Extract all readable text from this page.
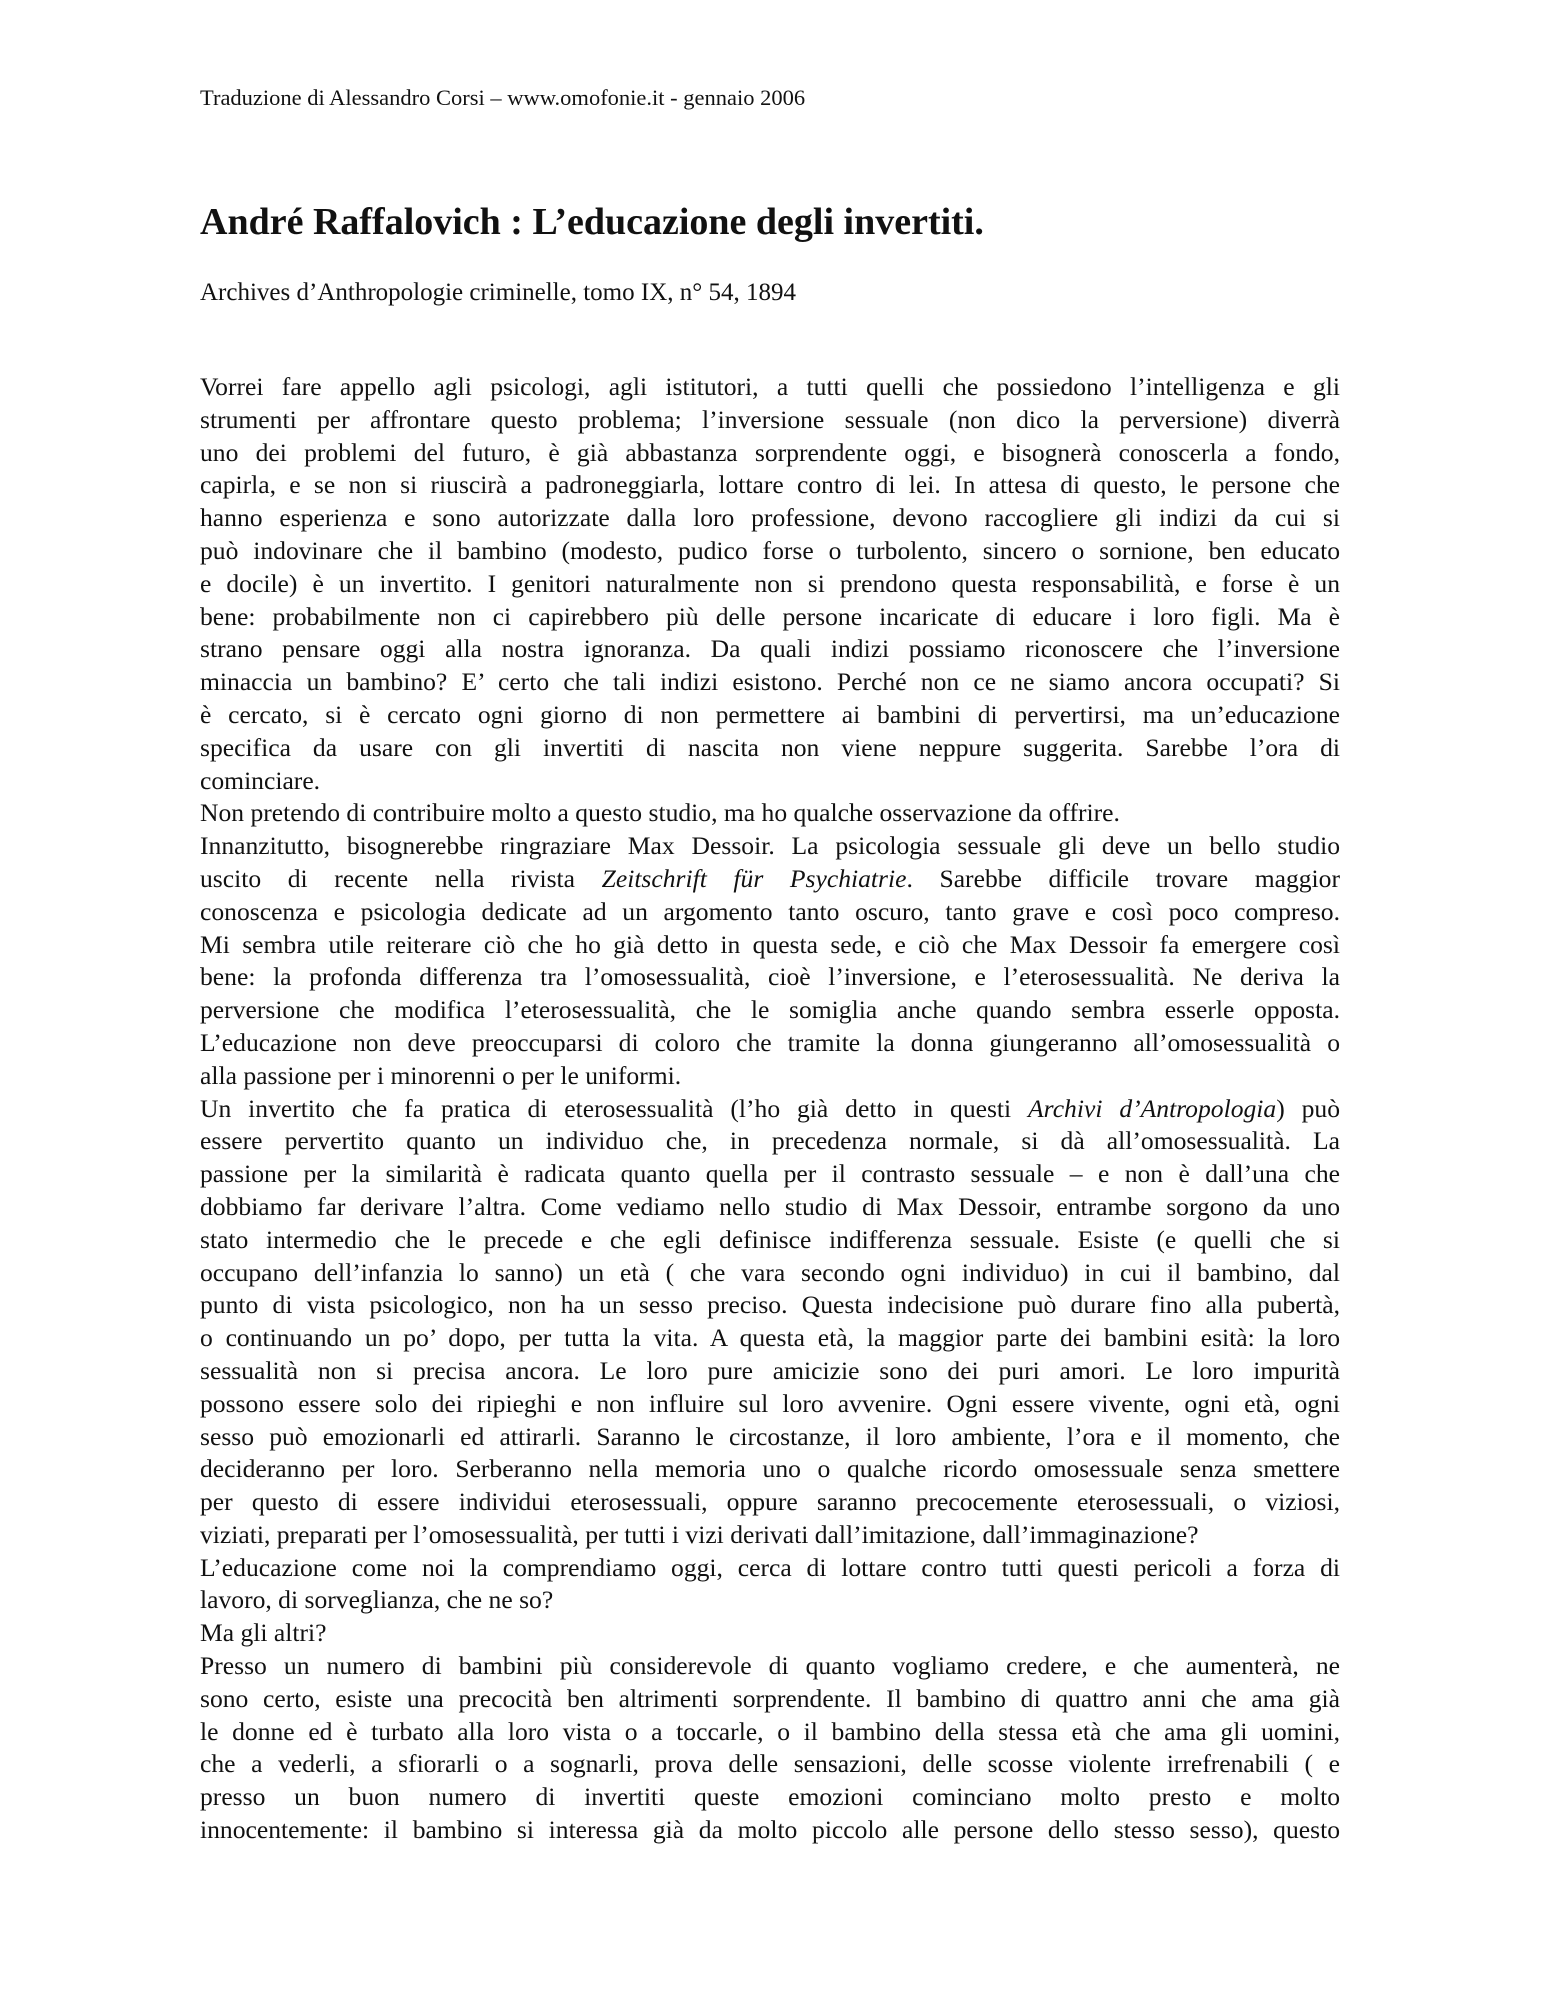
Traduzione di Alessandro Corsi – www.omofonie.it - gennaio 2006
André Raffalovich : L’educazione degli invertiti.
Archives d’Anthropologie criminelle, tomo IX, n° 54, 1894

Vorrei fare appello agli psicologi, agli istitutori, a tutti quelli che possiedono l’intelligenza e gli
strumenti per affrontare questo problema; l’inversione sessuale (non dico la perversione) diverrà
uno dei problemi del futuro, è già abbastanza sorprendente oggi, e bisognerà conoscerla a fondo,
capirla, e se non si riuscirà a padroneggiarla, lottare contro di lei. In attesa di questo, le persone che
hanno esperienza e sono autorizzate dalla loro professione, devono raccogliere gli indizi da cui si
può indovinare che il bambino (modesto, pudico forse o turbolento, sincero o sornione, ben educato
e docile) è un invertito. I genitori naturalmente non si prendono questa responsabilità, e forse è un
bene: probabilmente non ci capirebbero più delle persone incaricate di educare i loro figli. Ma è
strano pensare oggi alla nostra ignoranza. Da quali indizi possiamo riconoscere che l’inversione
minaccia un bambino? E’ certo che tali indizi esistono. Perché non ce ne siamo ancora occupati? Si
è cercato, si è cercato ogni giorno di non permettere ai bambini di pervertirsi, ma un’educazione
specifica da usare con gli invertiti di nascita non viene neppure suggerita. Sarebbe l’ora di
cominciare.

Non pretendo di contribuire molto a questo studio, ma ho qualche osservazione da offrire.

Innanzitutto, bisognerebbe ringraziare Max Dessoir. La psicologia sessuale gli deve un bello studio
uscito di recente nella rivista Zeitschrift für Psychiatrie. Sarebbe difficile trovare maggior
conoscenza e psicologia dedicate ad un argomento tanto oscuro, tanto grave e così poco compreso.
Mi sembra utile reiterare ciò che ho già detto in questa sede, e ciò che Max Dessoir fa emergere così
bene: la profonda differenza tra l’omosessualità, cioè l’inversione, e l’eterosessualità. Ne deriva la
perversione che modifica l’eterosessualità, che le somiglia anche quando sembra esserle opposta.
L’educazione non deve preoccuparsi di coloro che tramite la donna giungeranno all’omosessualità o
alla passione per i minorenni o per le uniformi.

Un invertito che fa pratica di eterosessualità (l’ho già detto in questi Archivi d’Antropologia) può
essere pervertito quanto un individuo che, in precedenza normale, si dà all’omosessualità. La
passione per la similarità è radicata quanto quella per il contrasto sessuale – e non è dall’una che
dobbiamo far derivare l’altra. Come vediamo nello studio di Max Dessoir, entrambe sorgono da uno
stato intermedio che le precede e che egli definisce indifferenza sessuale. Esiste (e quelli che si
occupano dell’infanzia lo sanno) un età ( che vara secondo ogni individuo) in cui il bambino, dal
punto di vista psicologico, non ha un sesso preciso. Questa indecisione può durare fino alla pubertà,
o continuando un po’ dopo, per tutta la vita. A questa età, la maggior parte dei bambini esità: la loro
sessualità non si precisa ancora. Le loro pure amicizie sono dei puri amori. Le loro impurità
possono essere solo dei ripieghi e non influire sul loro avvenire. Ogni essere vivente, ogni età, ogni
sesso può emozionarli ed attirarli. Saranno le circostanze, il loro ambiente, l’ora e il momento, che
decideranno per loro. Serberanno nella memoria uno o qualche ricordo omosessuale senza smettere
per questo di essere individui eterosessuali, oppure saranno precocemente eterosessuali, o viziosi,
viziati, preparati per l’omosessualità, per tutti i vizi derivati dall’imitazione, dall’immaginazione?

L’educazione come noi la comprendiamo oggi, cerca di lottare contro tutti questi pericoli a forza di
lavoro, di sorveglianza, che ne so?

Ma gli altri?

Presso un numero di bambini più considerevole di quanto vogliamo credere, e che aumenterà, ne
sono certo, esiste una precocità ben altrimenti sorprendente. Il bambino di quattro anni che ama già
le donne ed è turbato alla loro vista o a toccarle, o il bambino della stessa età che ama gli uomini,
che a vederli, a sfiorarli o a sognarli, prova delle sensazioni, delle scosse violente irrefrenabili ( e
presso un buon numero di invertiti queste emozioni cominciano molto presto e molto
innocentemente: il bambino si interessa già da molto piccolo alle persone dello stesso sesso), questo
